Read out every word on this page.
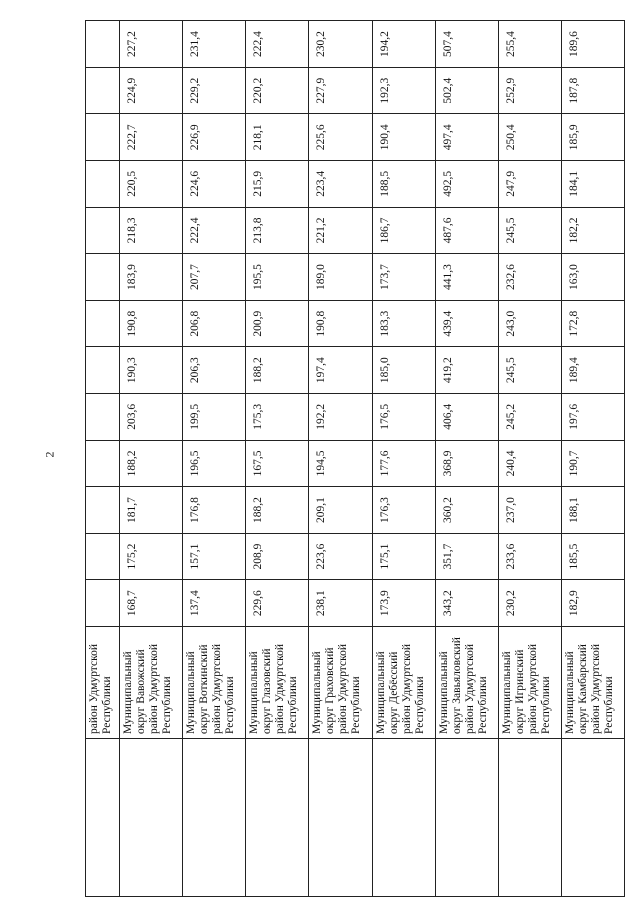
2
	район Удмуртской Республики													
	Муниципальный округ Вавожский район Удмуртской Республики	168,7	175,2	181,7	188,2	203,6	190,3	190,8	183,9	218,3	220,5	222,7	224,9	227,2
	Муниципальный округ Воткинский район Удмуртской Республики	137,4	157,1	176,8	196,5	199,5	206,3	206,8	207,7	222,4	224,6	226,9	229,2	231,4
	Муниципальный округ Глазовский район Удмуртской Республики	229,6	208,9	188,2	167,5	175,3	188,2	200,9	195,5	213,8	215,9	218,1	220,2	222,4
	Муниципальный округ Граховский район Удмуртской Республики	238,1	223,6	209,1	194,5	192,2	197,4	190,8	189,0	221,2	223,4	225,6	227,9	230,2
	Муниципальный округ Дебёсский район Удмуртской Республики	173,9	175,1	176,3	177,6	176,5	185,0	183,3	173,7	186,7	188,5	190,4	192,3	194,2
	Муниципальный округ Завьяловский район Удмуртской Республики	343,2	351,7	360,2	368,9	406,4	419,2	439,4	441,3	487,6	492,5	497,4	502,4	507,4
	Муниципальный округ Игринский район Удмуртской Республики	230,2	233,6	237,0	240,4	245,2	245,5	243,0	232,6	245,5	247,9	250,4	252,9	255,4
	Муниципальный округ Камбарский район Удмуртской Республики	182,9	185,5	188,1	190,7	197,6	189,4	172,8	163,0	182,2	184,1	185,9	187,8	189,6
